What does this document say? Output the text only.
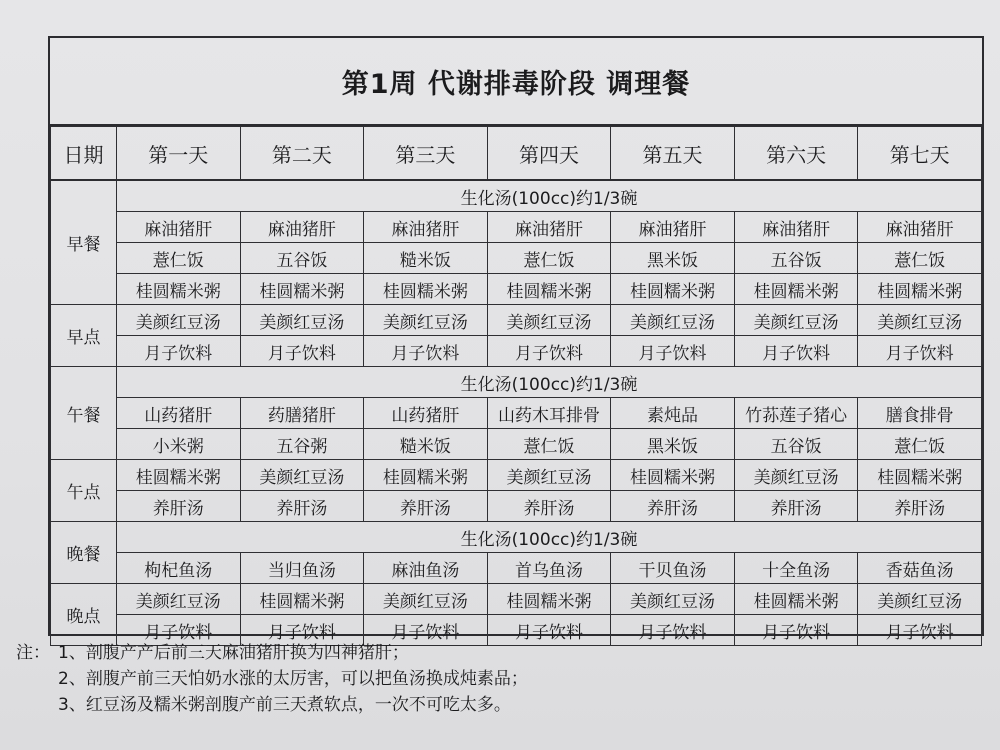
第1周 代谢排毒阶段 调理餐
日期	第一天	第二天	第三天	第四天	第五天	第六天	第七天
早餐	生化汤(100cc)约1/3碗						
	麻油猪肝	麻油猪肝	麻油猪肝	麻油猪肝	麻油猪肝	麻油猪肝	麻油猪肝
	薏仁饭	五谷饭	糙米饭	薏仁饭	黑米饭	五谷饭	薏仁饭
	桂圆糯米粥	桂圆糯米粥	桂圆糯米粥	桂圆糯米粥	桂圆糯米粥	桂圆糯米粥	桂圆糯米粥
早点	美颜红豆汤	美颜红豆汤	美颜红豆汤	美颜红豆汤	美颜红豆汤	美颜红豆汤	美颜红豆汤
	月子饮料	月子饮料	月子饮料	月子饮料	月子饮料	月子饮料	月子饮料
午餐	生化汤(100cc)约1/3碗						
	山药猪肝	药膳猪肝	山药猪肝	山药木耳排骨	素炖品	竹荪莲子猪心	膳食排骨
	小米粥	五谷粥	糙米饭	薏仁饭	黑米饭	五谷饭	薏仁饭
午点	桂圆糯米粥	美颜红豆汤	桂圆糯米粥	美颜红豆汤	桂圆糯米粥	美颜红豆汤	桂圆糯米粥
	养肝汤	养肝汤	养肝汤	养肝汤	养肝汤	养肝汤	养肝汤
晚餐	生化汤(100cc)约1/3碗						
	枸杞鱼汤	当归鱼汤	麻油鱼汤	首乌鱼汤	干贝鱼汤	十全鱼汤	香菇鱼汤
晚点	美颜红豆汤	桂圆糯米粥	美颜红豆汤	桂圆糯米粥	美颜红豆汤	桂圆糯米粥	美颜红豆汤
	月子饮料	月子饮料	月子饮料	月子饮料	月子饮料	月子饮料	月子饮料
注： 1、剖腹产产后前三天麻油猪肝换为四神猪肝；
2、剖腹产前三天怕奶水涨的太厉害，可以把鱼汤换成炖素品；
3、红豆汤及糯米粥剖腹产前三天煮软点，一次不可吃太多。
